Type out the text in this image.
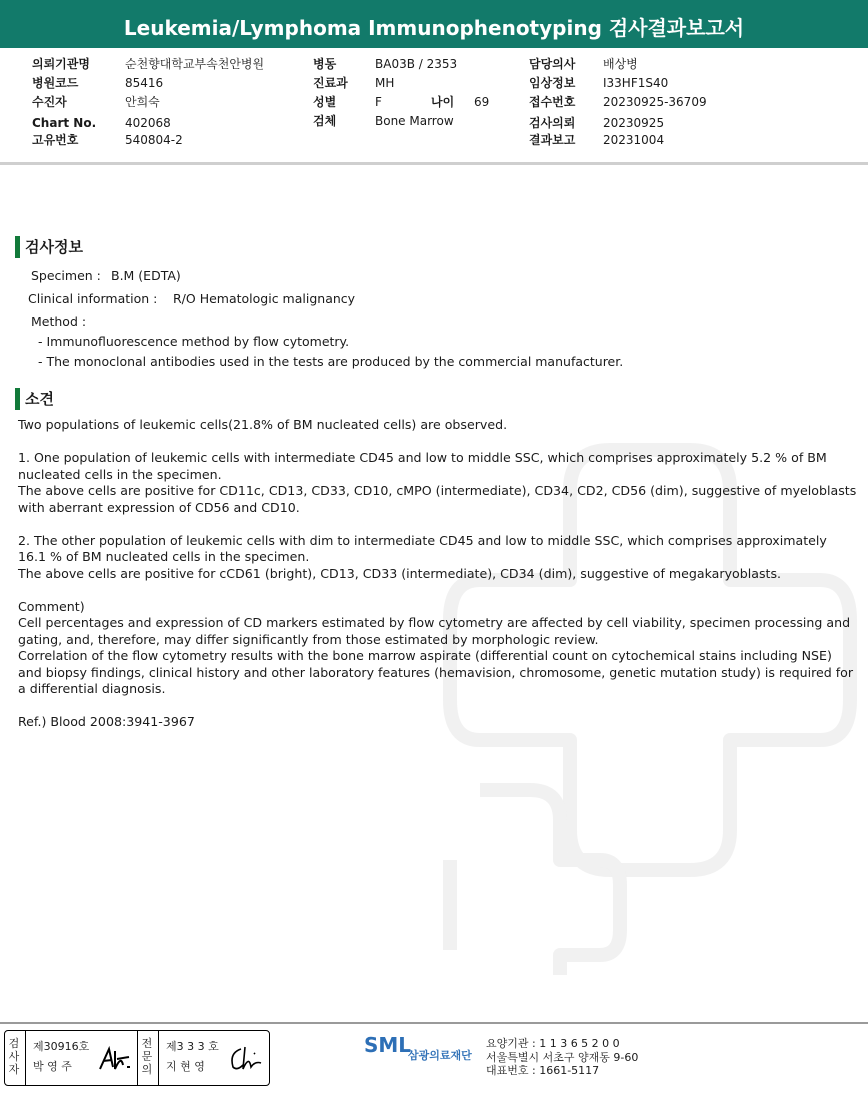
Leukemia/Lymphoma Immunophenotyping 검사결과보고서
의뢰기관명	순천향대학교부속천안병원
병원코드	85416
수진자	안희숙
Chart No. 402068
고유번호	540804-2
병동	BA03B / 2353
진료과 MH
성별	F	나이 69
검체	Bone Marrow
담당의사 배상병
임상정보 I33HF1S40
접수번호 20230925-36709
검사의뢰 20230925
결과보고 20231004
검사정보
Specimen : B.M (EDTA)
Clinical information : R/O Hematologic malignancy
Method :
- Immunofluorescence method by flow cytometry.
- The monoclonal antibodies used in the tests are produced by the commercial manufacturer.
소견

Two populations of leukemic cells(21.8% of BM nucleated cells) are observed.

1. One population of leukemic cells with intermediate CD45 and low to middle SSC, which comprises approximately 5.2 % of BM nucleated cells in the specimen.

The above cells are positive for CD11c, CD13, CD33, CD10, cMPO (intermediate), CD34, CD2, CD56 (dim), suggestive of myeloblasts with aberrant expression of CD56 and CD10.

2. The other population of leukemic cells with dim to intermediate CD45 and low to middle SSC, which comprises approximately 16.1 % of BM nucleated cells in the specimen.

The above cells are positive for cCD61 (bright), CD13, CD33 (intermediate), CD34 (dim), suggestive of megakaryoblasts.

Comment)

Cell percentages and expression of CD markers estimated by flow cytometry are affected by cell viability, specimen processing and gating, and, therefore, may differ significantly from those estimated by morphologic review.

Correlation of the flow cytometry results with the bone marrow aspirate (differential count on cytochemical stains including NSE) and biopsy findings, clinical history and other laboratory features (hemavision, chromosome, genetic mutation study) is required for a differential diagnosis.

Ref.) Blood 2008:3941-3967

검사자
제30916호
박 영 주
전문의
제3 3 3 호
지 현 영
SML
삼광의료재단
요양기관 : 1 1 3 6 5 2 0 0
서울특별시 서초구 양재동 9-60
대표번호 : 1661-5117
